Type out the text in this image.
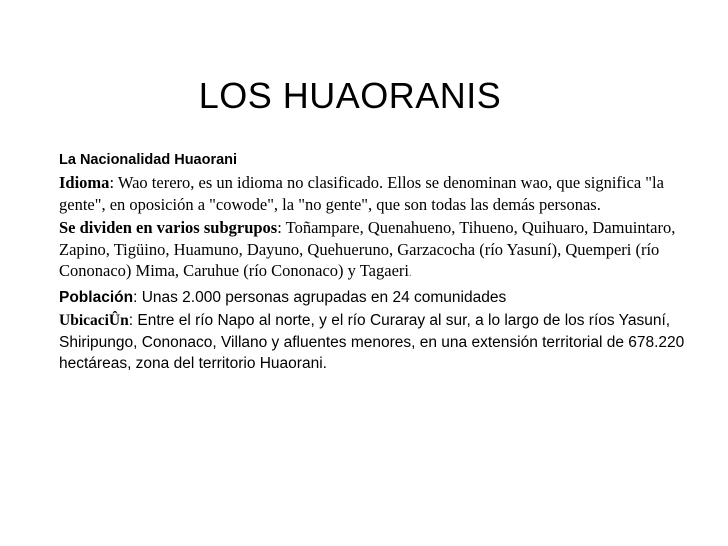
LOS HUAORANIS
La Nacionalidad Huaorani

Idioma: Wao terero, es un idioma no clasificado. Ellos se denominan wao, que significa "la gente", en oposición a "cowode", la "no gente", que son todas las demás personas.

Se dividen en varios subgrupos: Toñampare, Quenahueno, Tihueno, Quihuaro, Damuintaro, Zapino, Tigüino, Huamuno, Dayuno, Quehueruno, Garzacocha (río Yasuní), Quemperi (río Cononaco) Mima, Caruhue (río Cononaco) y Tagaeri.

Población: Unas 2.000 personas agrupadas en 24 comunidades

UbicaciÛn: Entre el río Napo al norte, y el río Curaray al sur, a lo largo de los ríos Yasuní, Shiripungo, Cononaco, Villano y afluentes menores, en una extensión territorial de 678.220 hectáreas, zona del territorio Huaorani.
